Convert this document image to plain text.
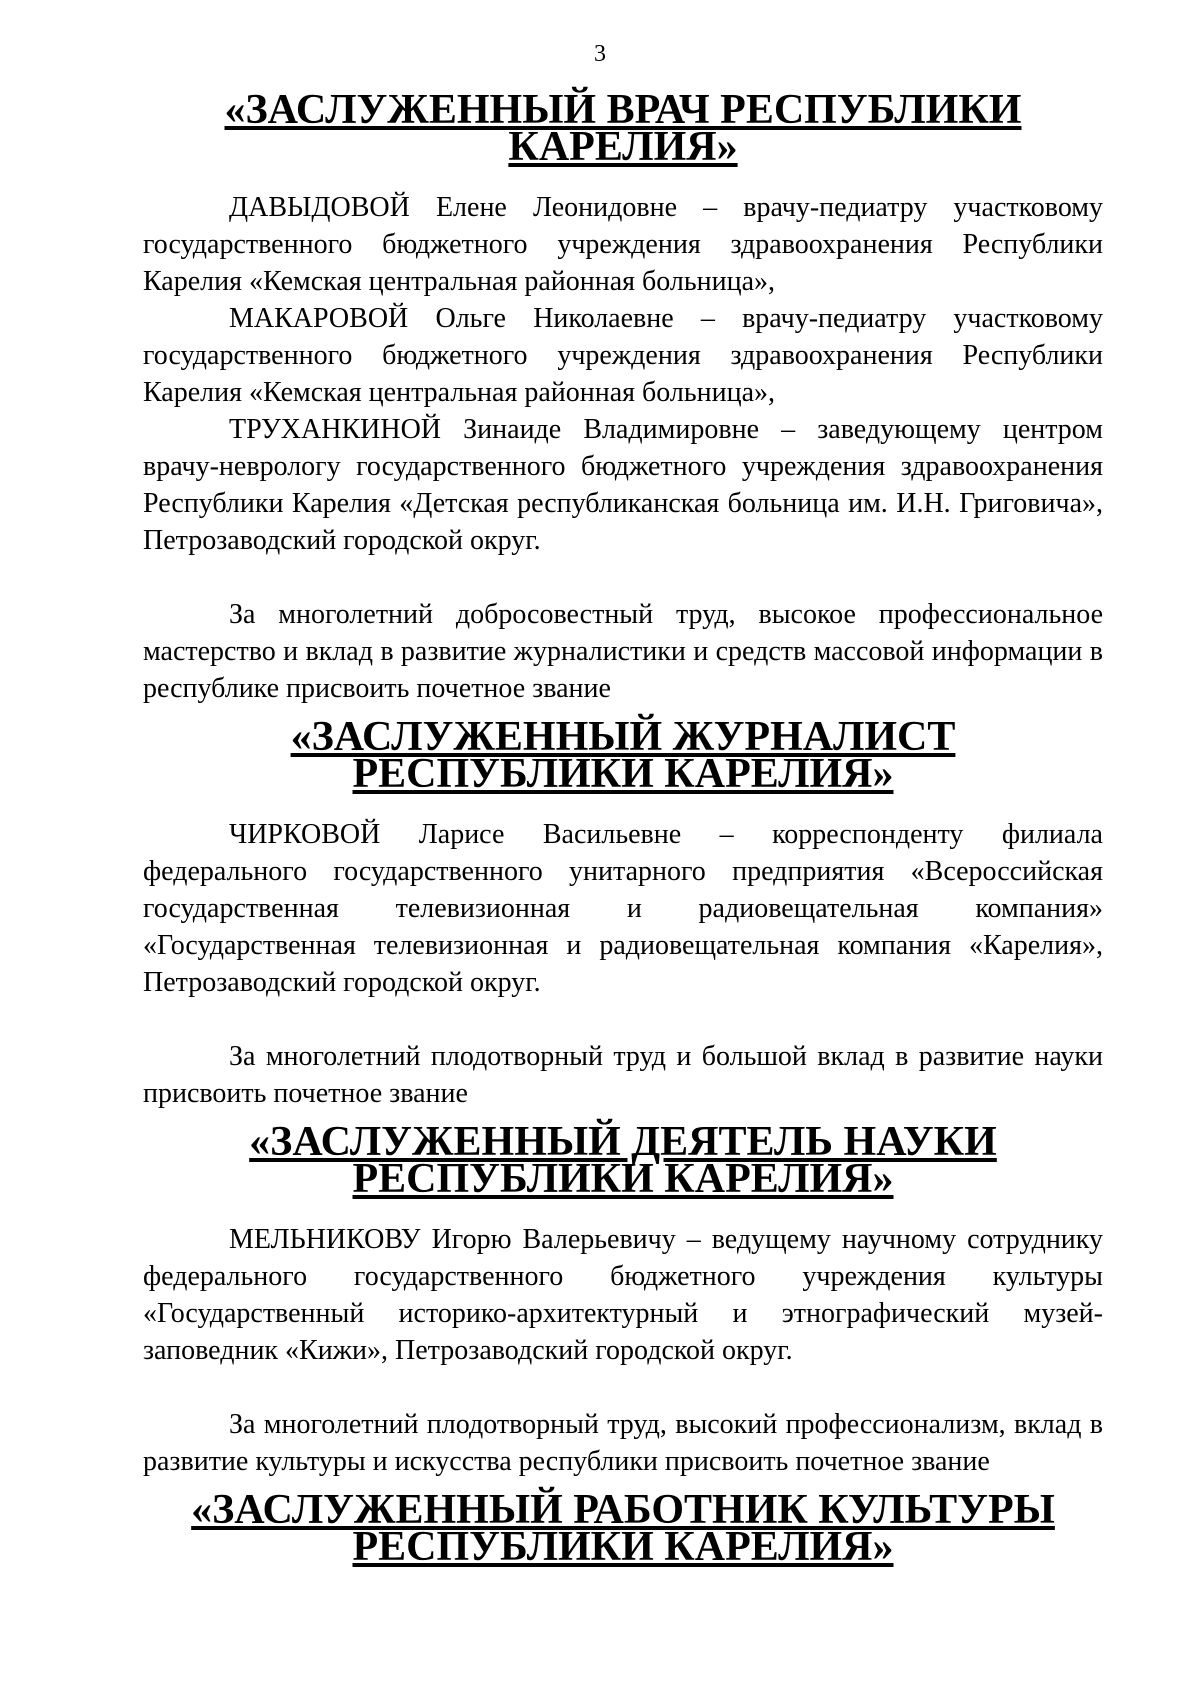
3
«ЗАСЛУЖЕННЫЙ ВРАЧ РЕСПУБЛИКИ КАРЕЛИЯ»

ДАВЫДОВОЙ Елене Леонидовне – врачу-педиатру участковому государственного бюджетного учреждения здравоохранения Республики Карелия «Кемская центральная районная больница»,

МАКАРОВОЙ Ольге Николаевне – врачу-педиатру участковому государственного бюджетного учреждения здравоохранения Республики Карелия «Кемская центральная районная больница»,

ТРУХАНКИНОЙ Зинаиде Владимировне – заведующему центром врачу-неврологу государственного бюджетного учреждения здравоохранения Республики Карелия «Детская республиканская больница им. И.Н. Григовича», Петрозаводский городской округ.

За многолетний добросовестный труд, высокое профессиональное мастерство и вклад в развитие журналистики и средств массовой информации в республике присвоить почетное звание

«ЗАСЛУЖЕННЫЙ ЖУРНАЛИСТ РЕСПУБЛИКИ КАРЕЛИЯ»

ЧИРКОВОЙ Ларисе Васильевне – корреспонденту филиала федерального государственного унитарного предприятия «Всероссийская государственная телевизионная и радиовещательная компания» «Государственная телевизионная и радиовещательная компания «Карелия», Петрозаводский городской округ.

За многолетний плодотворный труд и большой вклад в развитие науки присвоить почетное звание

«ЗАСЛУЖЕННЫЙ ДЕЯТЕЛЬ НАУКИ
РЕСПУБЛИКИ КАРЕЛИЯ»

МЕЛЬНИКОВУ Игорю Валерьевичу – ведущему научному сотруднику федерального государственного бюджетного учреждения культуры «Государственный историко-архитектурный и этнографический музей-заповедник «Кижи», Петрозаводский городской округ.

За многолетний плодотворный труд, высокий профессионализм, вклад в развитие культуры и искусства республики присвоить почетное звание

«ЗАСЛУЖЕННЫЙ РАБОТНИК КУЛЬТУРЫ
РЕСПУБЛИКИ КАРЕЛИЯ»
